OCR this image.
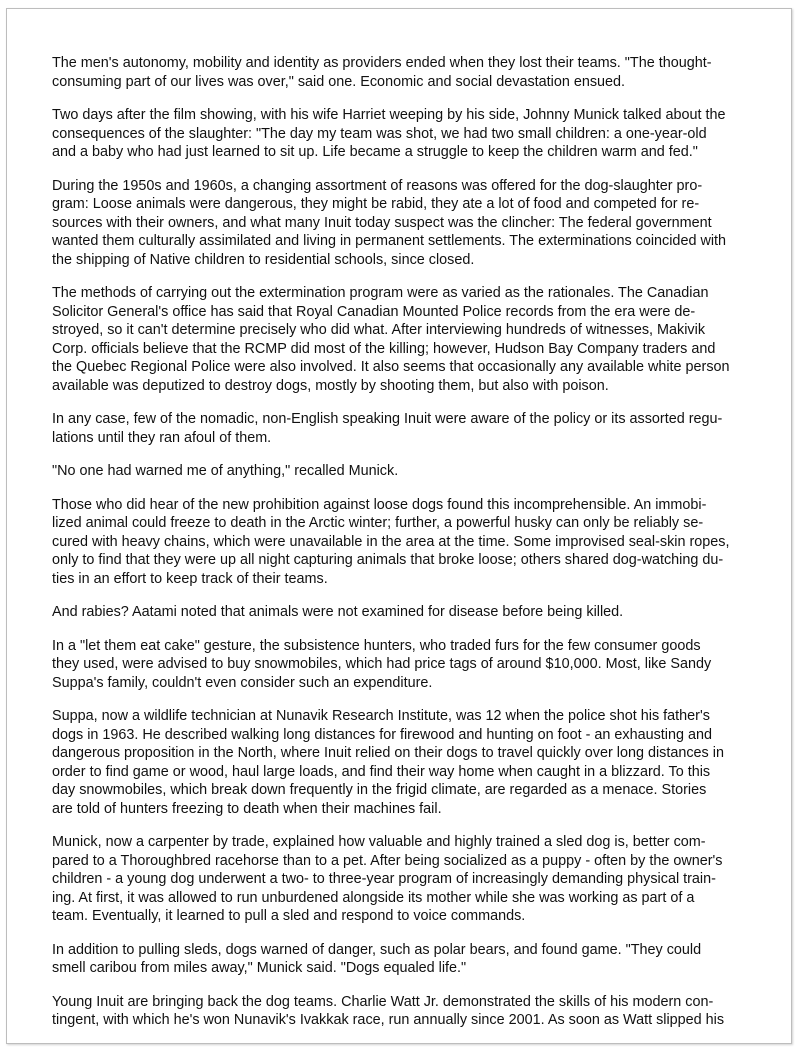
The men's autonomy, mobility and identity as providers ended when they lost their teams. "The thought-
consuming part of our lives was over," said one. Economic and social devastation ensued.

Two days after the film showing, with his wife Harriet weeping by his side, Johnny Munick talked about the
consequences of the slaughter: "The day my team was shot, we had two small children: a one-year-old
and a baby who had just learned to sit up. Life became a struggle to keep the children warm and fed."

During the 1950s and 1960s, a changing assortment of reasons was offered for the dog-slaughter pro-
gram: Loose animals were dangerous, they might be rabid, they ate a lot of food and competed for re-
sources with their owners, and what many Inuit today suspect was the clincher: The federal government
wanted them culturally assimilated and living in permanent settlements. The exterminations coincided with
the shipping of Native children to residential schools, since closed.

The methods of carrying out the extermination program were as varied as the rationales. The Canadian
Solicitor General's office has said that Royal Canadian Mounted Police records from the era were de-
stroyed, so it can't determine precisely who did what. After interviewing hundreds of witnesses, Makivik
Corp. officials believe that the RCMP did most of the killing; however, Hudson Bay Company traders and
the Quebec Regional Police were also involved. It also seems that occasionally any available white person
available was deputized to destroy dogs, mostly by shooting them, but also with poison.

In any case, few of the nomadic, non-English speaking Inuit were aware of the policy or its assorted regu-
lations until they ran afoul of them.

"No one had warned me of anything," recalled Munick.

Those who did hear of the new prohibition against loose dogs found this incomprehensible. An immobi-
lized animal could freeze to death in the Arctic winter; further, a powerful husky can only be reliably se-
cured with heavy chains, which were unavailable in the area at the time. Some improvised seal-skin ropes,
only to find that they were up all night capturing animals that broke loose; others shared dog-watching du-
ties in an effort to keep track of their teams.

And rabies? Aatami noted that animals were not examined for disease before being killed.

In a "let them eat cake" gesture, the subsistence hunters, who traded furs for the few consumer goods
they used, were advised to buy snowmobiles, which had price tags of around $10,000. Most, like Sandy
Suppa's family, couldn't even consider such an expenditure.

Suppa, now a wildlife technician at Nunavik Research Institute, was 12 when the police shot his father's
dogs in 1963. He described walking long distances for firewood and hunting on foot - an exhausting and
dangerous proposition in the North, where Inuit relied on their dogs to travel quickly over long distances in
order to find game or wood, haul large loads, and find their way home when caught in a blizzard. To this
day snowmobiles, which break down frequently in the frigid climate, are regarded as a menace. Stories
are told of hunters freezing to death when their machines fail.

Munick, now a carpenter by trade, explained how valuable and highly trained a sled dog is, better com-
pared to a Thoroughbred racehorse than to a pet. After being socialized as a puppy - often by the owner's
children - a young dog underwent a two- to three-year program of increasingly demanding physical train-
ing. At first, it was allowed to run unburdened alongside its mother while she was working as part of a
team. Eventually, it learned to pull a sled and respond to voice commands.

In addition to pulling sleds, dogs warned of danger, such as polar bears, and found game. "They could
smell caribou from miles away," Munick said. "Dogs equaled life."

Young Inuit are bringing back the dog teams. Charlie Watt Jr. demonstrated the skills of his modern con-
tingent, with which he's won Nunavik's Ivakkak race, run annually since 2001. As soon as Watt slipped his
